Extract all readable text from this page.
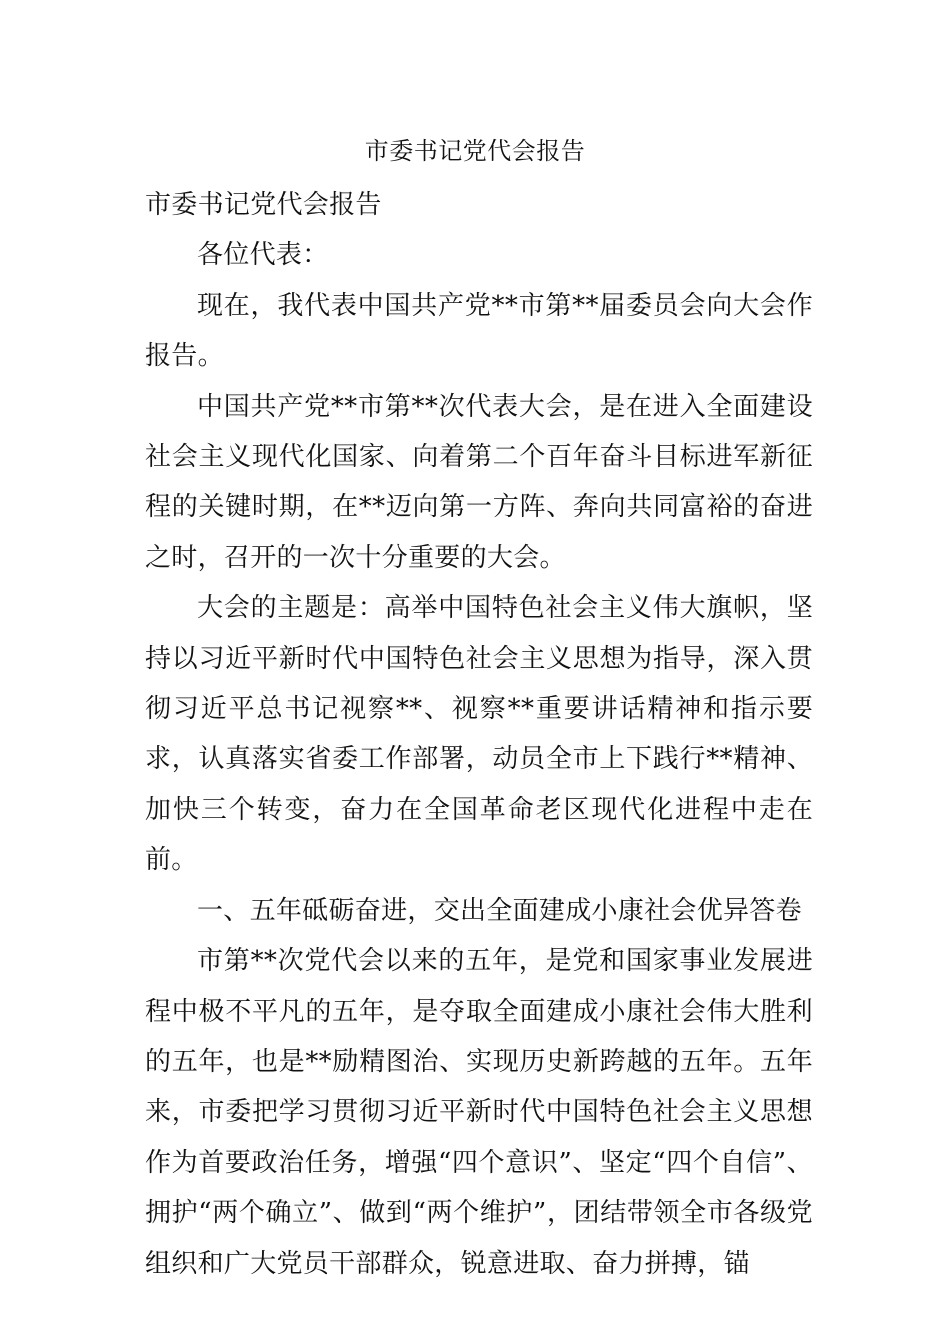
市委书记党代会报告

市委书记党代会报告

各位代表：

现在，我代表中国共产党**市第**届委员会向大会作报告。

中国共产党**市第**次代表大会，是在进入全面建设社会主义现代化国家、向着第二个百年奋斗目标进军新征程的关键时期，在**迈向第一方阵、奔向共同富裕的奋进之时，召开的一次十分重要的大会。

大会的主题是：高举中国特色社会主义伟大旗帜，坚持以习近平新时代中国特色社会主义思想为指导，深入贯彻习近平总书记视察**、视察**重要讲话精神和指示要求，认真落实省委工作部署，动员全市上下践行**精神、加快三个转变，奋力在全国革命老区现代化进程中走在前。

一、五年砥砺奋进，交出全面建成小康社会优异答卷

市第**次党代会以来的五年，是党和国家事业发展进程中极不平凡的五年，是夺取全面建成小康社会伟大胜利的五年，也是**励精图治、实现历史新跨越的五年。五年来，市委把学习贯彻习近平新时代中国特色社会主义思想作为首要政治任务，增强“四个意识”、坚定“四个自信”、拥护“两个确立”、做到“两个维护”，团结带领全市各级党组织和广大党员干部群众，锐意进取、奋力拼搏，锚
